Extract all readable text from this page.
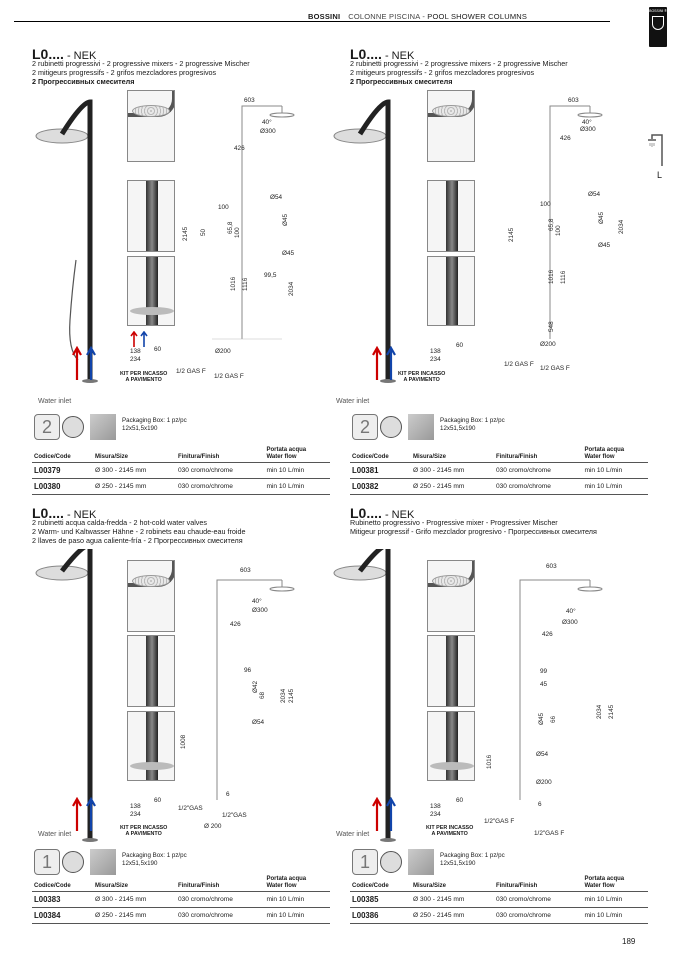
BOSSINI COLONNE PISCINA - POOL SHOWER COLUMNS
BOSSINI ®
L
L0.... - NEK
2 rubinetti progressivi - 2 progressive mixers - 2 progressive Mischer
2 mitigeurs progressifs - 2 grifos mezcladores progresivos
2 Прогрессивных смесителя
138
234
60
Water inlet
KIT PER INCASSO
A PAVIMENTO
603
40°
Ø300
426
Ø54
100
Ø45
Ø45
50	65,8 100
2145
1016 1116	2034
99,5
Ø200
1/2 GAS F
1/2 GAS F
2	Packaging Box: 1 pz/pc
12x51,5x190
Codice/Code	Misura/Size	Finitura/Finish	Portata acqua
Water flow

L00379	Ø 300 - 2145 mm	030 cromo/chrome	min 10 L/min
L00380	Ø 250 - 2145 mm	030 cromo/chrome	min 10 L/min
L0.... - NEK
2 rubinetti progressivi - 2 progressive mixers - 2 progressive Mischer
2 mitigeurs progressifs - 2 grifos mezcladores progresivos
2 Прогрессивных смесителя
Water inlet
KIT PER INCASSO
A PAVIMENTO
138
234
60
603
40°
Ø300
426
Ø54
100
Ø45
Ø45
65,8 100
2145
2034
1016 1116
548
Ø200
1/2 GAS F
1/2 GAS F
2	Packaging Box: 1 pz/pc
12x51,5x190
Codice/Code	Misura/Size	Finitura/Finish	Portata acqua
Water flow

L00381	Ø 300 - 2145 mm	030 cromo/chrome	min 10 L/min
L00382	Ø 250 - 2145 mm	030 cromo/chrome	min 10 L/min
L0.... - NEK
2 rubinetti acqua calda-fredda - 2 hot-cold water valves
2 Warm- und Kaltwasser Hähne - 2 robinets eau chaude-eau froide
2 llaves de paso agua caliente-fría - 2 Прогрессивных смесителя
Water inlet
KIT PER INCASSO
A PAVIMENTO
138
234
60
603
40°
Ø300
426
96
Ø42
68
Ø54
2034 2145
1008
6
1/2"GAS
1/2"GAS
Ø 200
1	Packaging Box: 1 pz/pc
12x51,5x190
Codice/Code	Misura/Size	Finitura/Finish	Portata acqua
Water flow

L00383	Ø 300 - 2145 mm	030 cromo/chrome	min 10 L/min
L00384	Ø 250 - 2145 mm	030 cromo/chrome	min 10 L/min
L0.... - NEK
Rubinetto progressivo - Progressive mixer - Progressiver Mischer
Mitigeur progressif - Grifo mezclador progresivo - Прогрессивных смесителя
Water inlet
KIT PER INCASSO
A PAVIMENTO
138
234
60
603
40°
Ø300
426
99
45
Ø45 66
2034 2145
Ø54
1016
Ø200
6
1/2"GAS F
1/2"GAS F
1	Packaging Box: 1 pz/pc
12x51,5x190
Codice/Code	Misura/Size	Finitura/Finish	Portata acqua
Water flow

L00385	Ø 300 - 2145 mm	030 cromo/chrome	min 10 L/min
L00386	Ø 250 - 2145 mm	030 cromo/chrome	min 10 L/min
189
